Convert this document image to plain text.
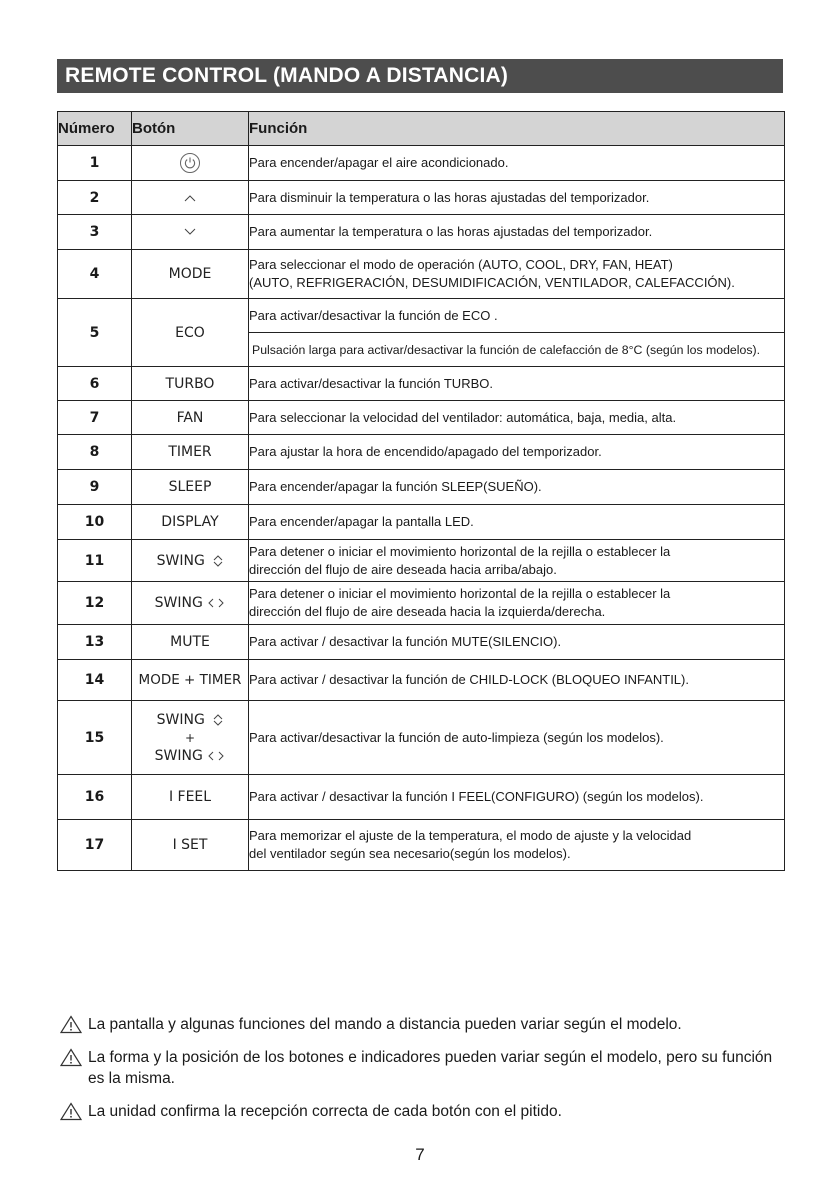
REMOTE CONTROL (MANDO A DISTANCIA)
Número	Botón	Función
1		Para encender/apagar el aire acondicionado.

2		Para disminuir la temperatura o las horas ajustadas del temporizador.

3		Para aumentar la temperatura o las horas ajustadas del temporizador.

4	MODE	Para seleccionar el modo de operación (AUTO, COOL, DRY, FAN, HEAT)
(AUTO, REFRIGERACIÓN, DESUMIDIFICACIÓN, VENTILADOR, CALEFACCIÓN).

5	ECO	Para activar/desactivar la función de ECO .

		Pulsación larga para activar/desactivar la función de calefacción de 8°C (según los modelos).

6	TURBO	Para activar/desactivar la función TURBO.

7	FAN	Para seleccionar la velocidad del ventilador: automática, baja, media, alta.

8	TIMER	Para ajustar la hora de encendido/apagado del temporizador.

9	SLEEP	Para encender/apagar la función SLEEP(SUEÑO).

10	DISPLAY	Para encender/apagar la pantalla LED.

11	SWING	Para detener o iniciar el movimiento horizontal de la rejilla o establecer la
dirección del flujo de aire deseada hacia arriba/abajo.

12	SWING	Para detener o iniciar el movimiento horizontal de la rejilla o establecer la
dirección del flujo de aire deseada hacia la izquierda/derecha.

13	MUTE	Para activar / desactivar la función MUTE(SILENCIO).

14	MODE + TIMER	Para activar / desactivar la función de CHILD-LOCK (BLOQUEO INFANTIL).

15	SWING
+
SWING	Para activar/desactivar la función de auto-limpieza (según los modelos).

16	I FEEL	Para activar / desactivar la función I FEEL(CONFIGURO) (según los modelos).

17	I SET	Para memorizar el ajuste de la temperatura, el modo de ajuste y la velocidad
del ventilador según sea necesario(según los modelos).
La pantalla y algunas funciones del mando a distancia pueden variar según el modelo.
La forma y la posición de los botones e indicadores pueden variar según el modelo, pero su función es la misma.
La unidad confirma la recepción correcta de cada botón con el pitido.
7
